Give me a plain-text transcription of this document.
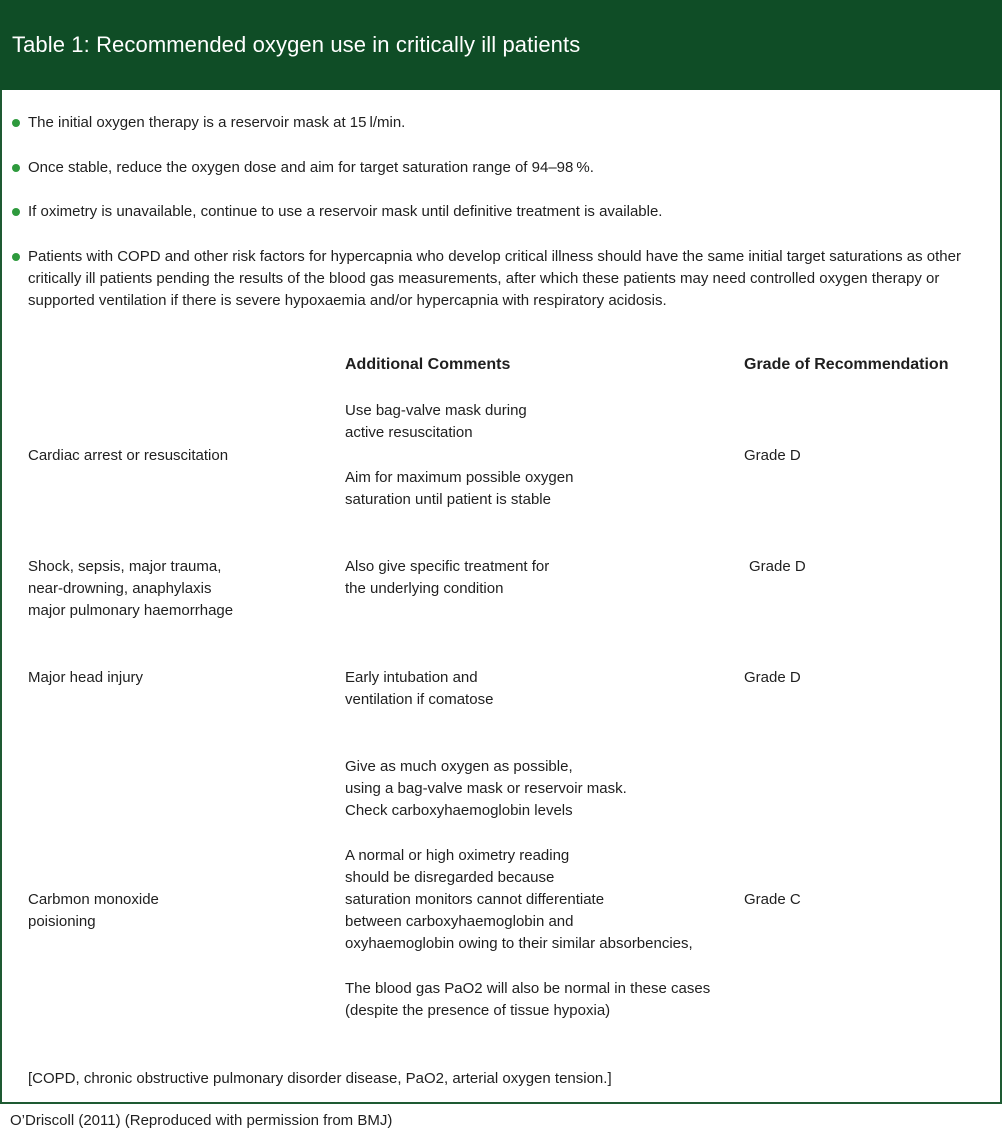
Table 1: Recommended oxygen use in critically ill patients
The initial oxygen therapy is a reservoir mask at 15 l/min.
Once stable, reduce the oxygen dose and aim for target saturation range of 94–98 %.
If oximetry is unavailable, continue to use a reservoir mask until definitive treatment is available.
Patients with COPD and other risk factors for hypercapnia who develop critical illness should have the same initial target saturations as other critically ill patients pending the results of the blood gas measurements, after which these patients may need controlled oxygen therapy or supported ventilation if there is severe hypoxaemia and/or hypercapnia with respiratory acidosis.
Additional Comments	Grade of Recommendation
Cardiac arrest or resuscitation
Use bag-valve mask during
active resuscitation
Aim for maximum possible oxygen
saturation until patient is stable
Grade D
Shock, sepsis, major trauma,
near-drowning, anaphylaxis
major pulmonary haemorrhage
Also give specific treatment for
the underlying condition
Grade D
Major head injury	Early intubation and
ventilation if comatose
Grade D
Carbmon monoxide
poisioning
Give as much oxygen as possible,
using a bag-valve mask or reservoir mask.
Check carboxyhaemoglobin levels
A normal or high oximetry reading
should be disregarded because
saturation monitors cannot differentiate
between carboxyhaemoglobin and
oxyhaemoglobin owing to their similar absorbencies,
The blood gas PaO2 will also be normal in these cases
(despite the presence of tissue hypoxia)
Grade C
[COPD, chronic obstructive pulmonary disorder disease, PaO2, arterial oxygen tension.]
O’Driscoll (2011) (Reproduced with permission from BMJ)
